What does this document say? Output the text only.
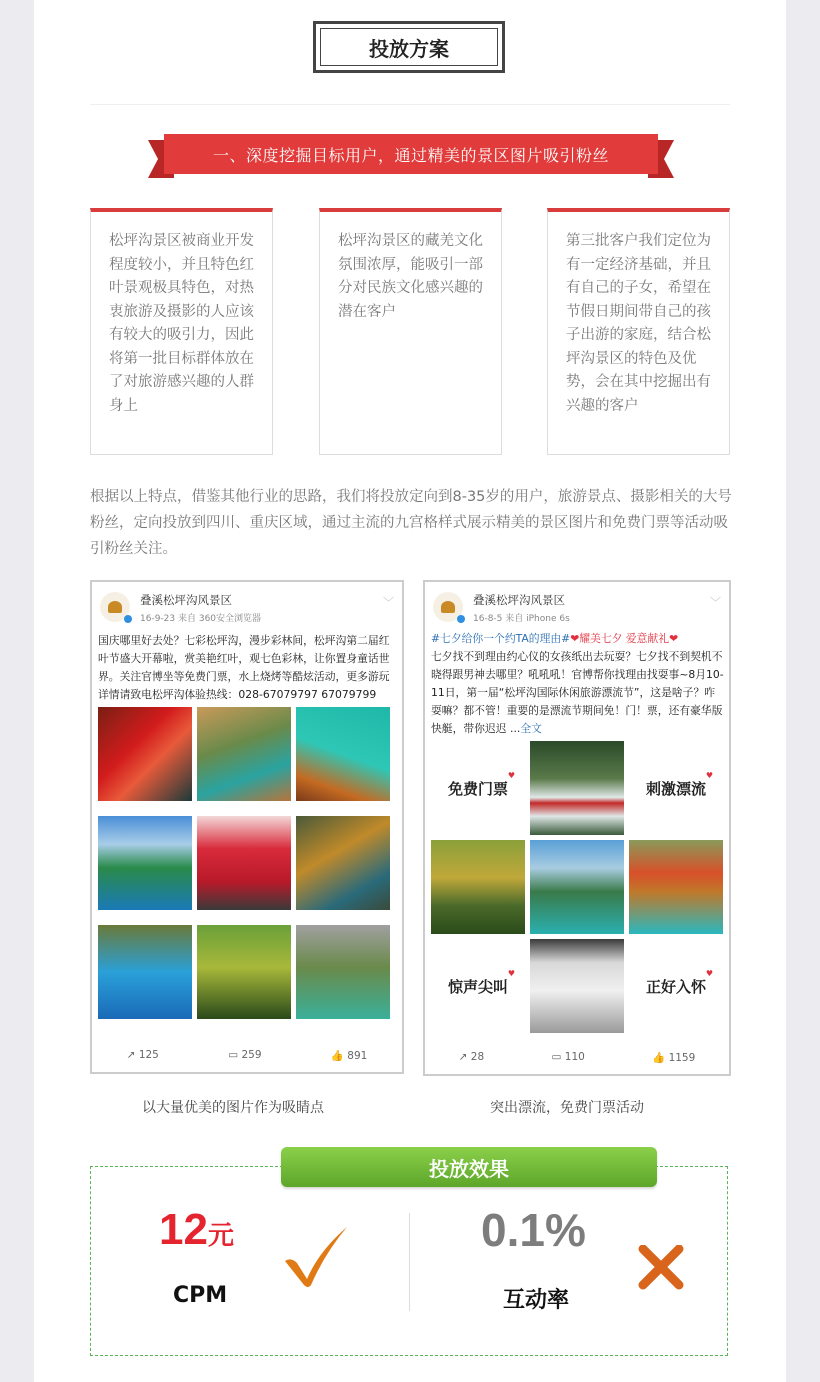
投放方案
一、深度挖掘目标用户，通过精美的景区图片吸引粉丝
松坪沟景区被商业开发程度较小，并且特色红叶景观极具特色，对热衷旅游及摄影的人应该有较大的吸引力，因此将第一批目标群体放在了对旅游感兴趣的人群身上
松坪沟景区的藏羌文化氛围浓厚，能吸引一部分对民族文化感兴趣的潜在客户
第三批客户我们定位为有一定经济基础，并且有自己的子女，希望在节假日期间带自己的孩子出游的家庭，结合松坪沟景区的特色及优势，会在其中挖掘出有兴趣的客户
根据以上特点，借鉴其他行业的思路，我们将投放定向到8-35岁的用户，旅游景点、摄影相关的大号粉丝，定向投放到四川、重庆区域，通过主流的九宫格样式展示精美的景区图片和免费门票等活动吸引粉丝关注。
叠溪松坪沟风景区
16-9-23 来自 360安全浏览器
﹀
国庆哪里好去处？七彩松坪沟，漫步彩林间，松坪沟第二届红叶节盛大开幕啦，赏美艳红叶，观七色彩林，让你置身童话世界。关注官博坐等免费门票，水上烧烤等酷炫活动，更多游玩详情请致电松坪沟体验热线：028-67079797 67079799
↗ 125	▭ 259	👍 891
叠溪松坪沟风景区
16-8-5 来自 iPhone 6s
﹀
#七夕给你一个约TA的理由#❤耀美七夕 爱意献礼❤
七夕找不到理由约心仪的女孩纸出去玩耍？七夕找不到契机不晓得跟男神去哪里？吼吼吼！官博帮你找理由找耍事~8月10-11日，第一届“松坪沟国际休闲旅游漂流节”，这是啥子？咋耍嘛？都不管！重要的是漂流节期间免！门！票，还有豪华版快艇，带你迟迟 ...全文
免费门票
♥
刺激漂流
♥
惊声尖叫
♥
正好入怀
♥
↗ 28	▭ 110	👍 1159
以大量优美的图片作为吸睛点	突出漂流，免费门票活动
投放效果
12元
CPM
0.1%
互动率
